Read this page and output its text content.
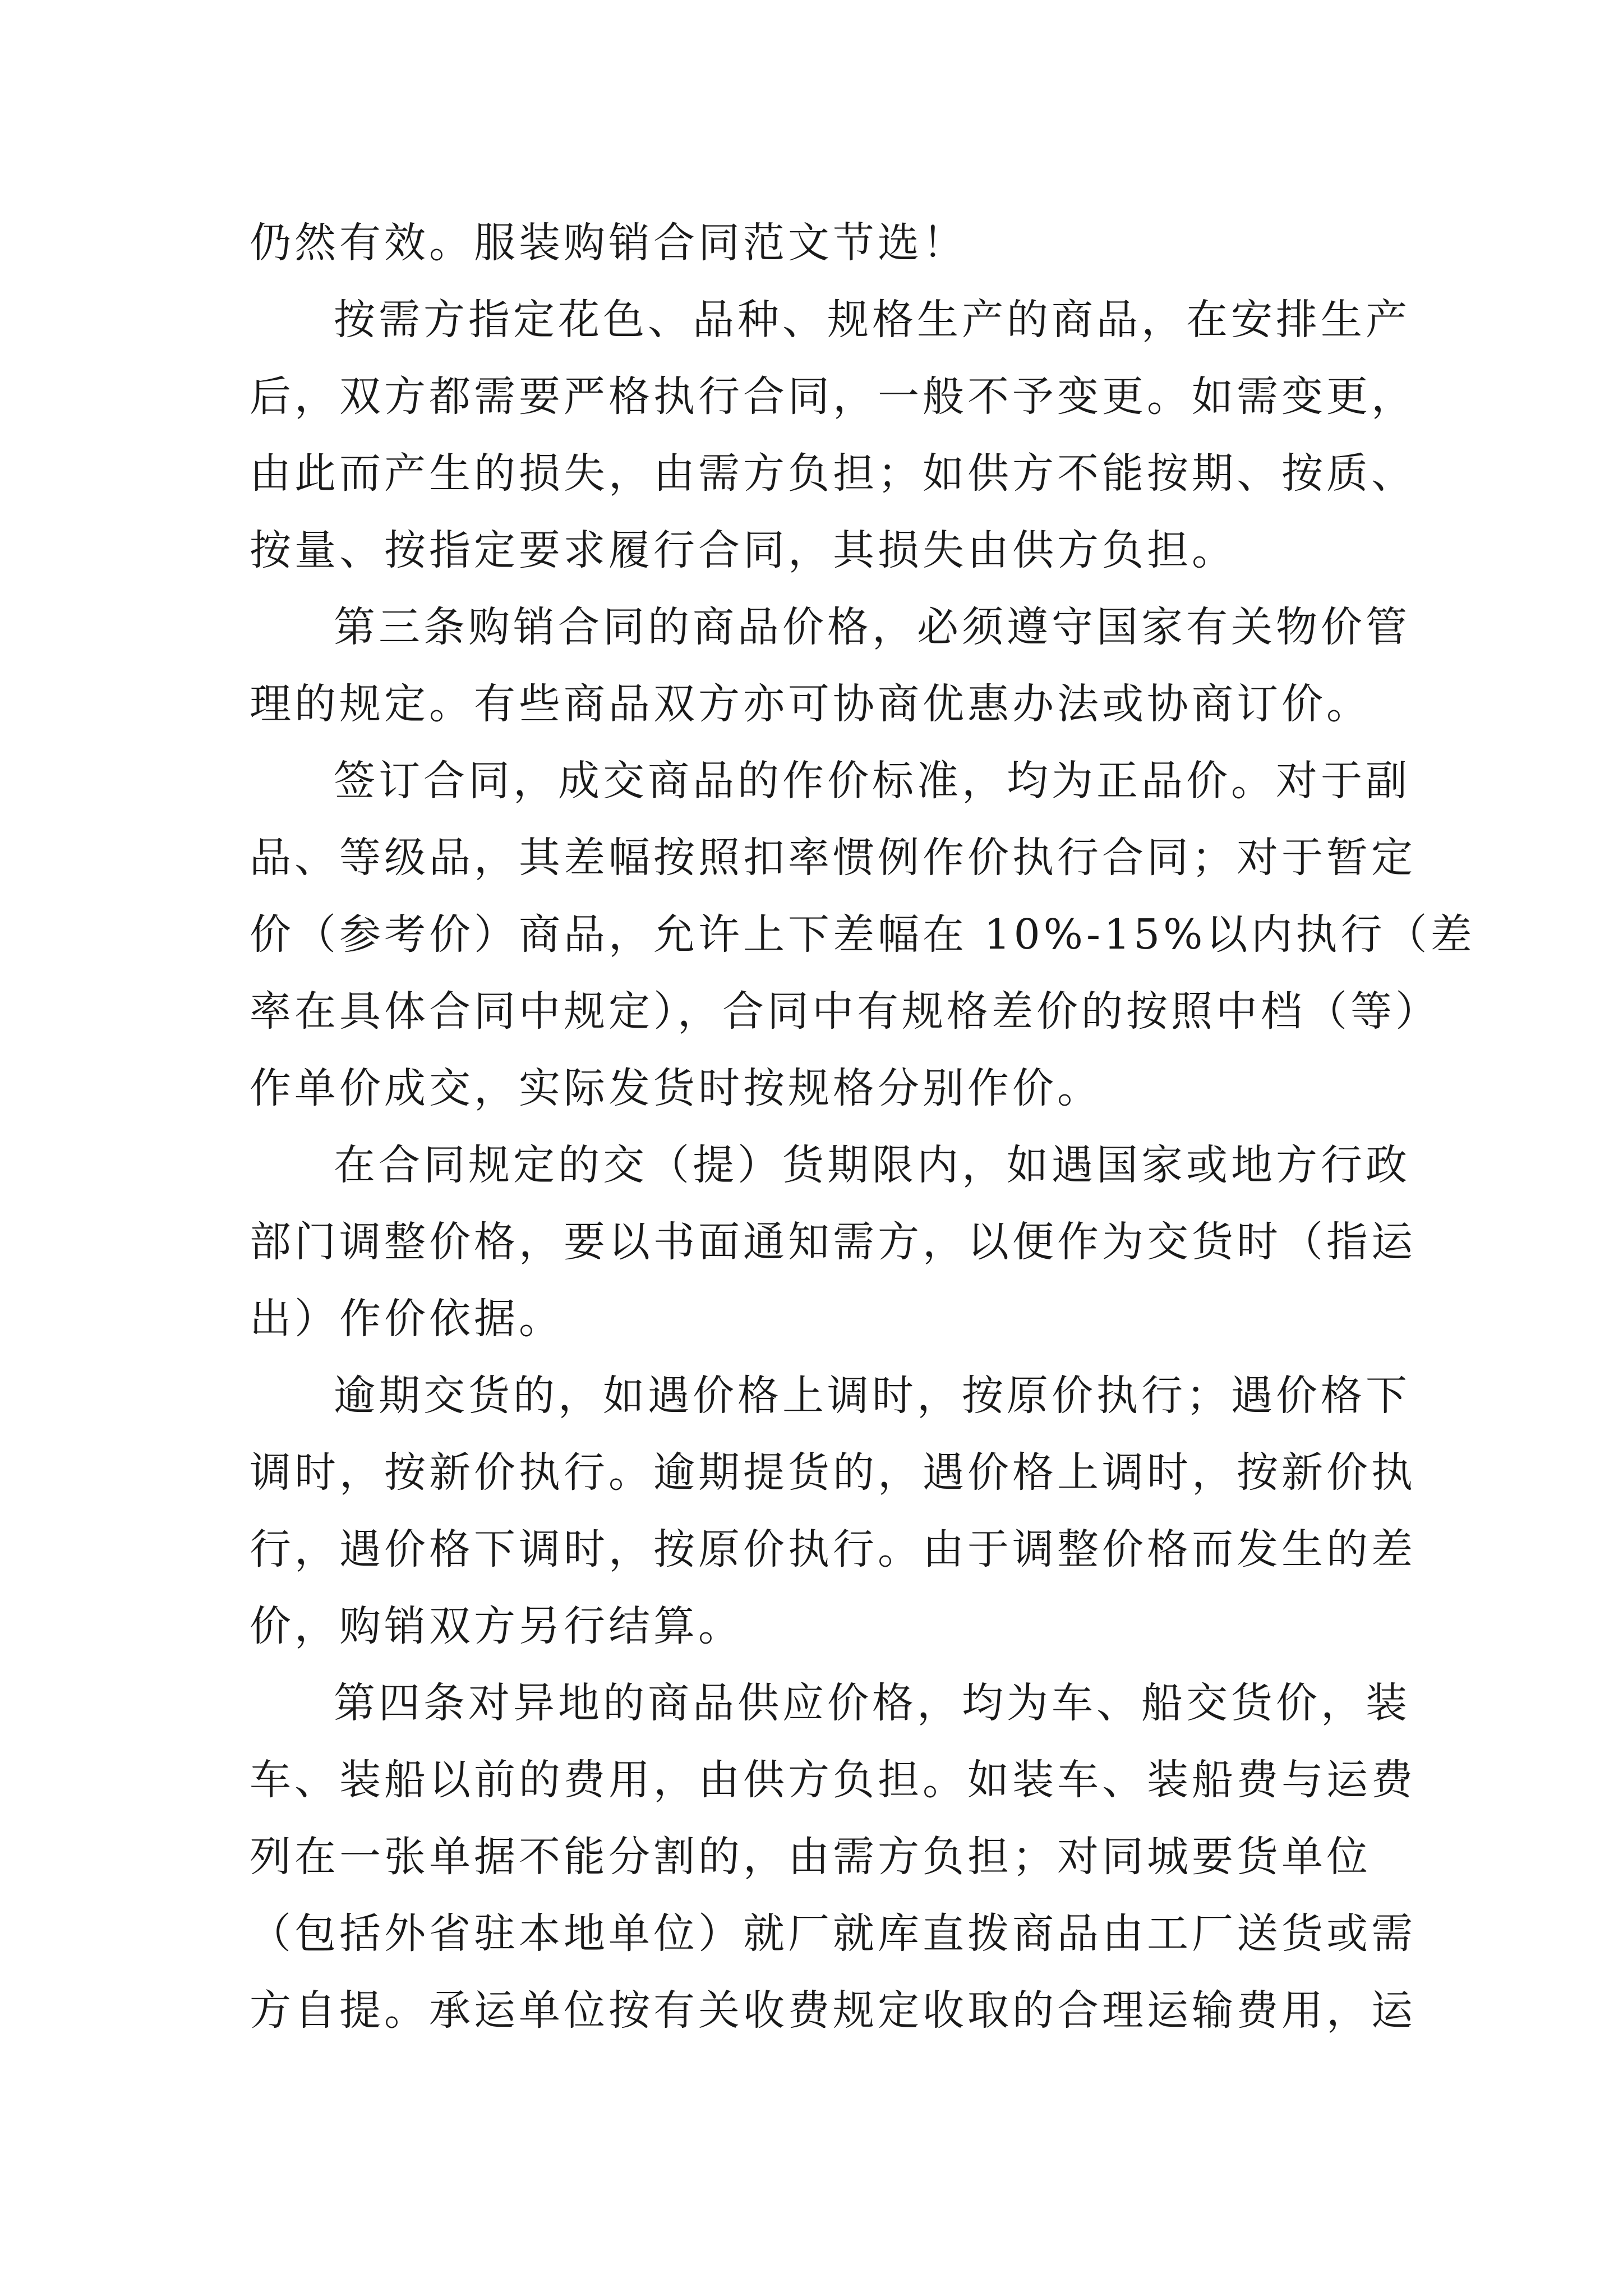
仍然有效。服装购销合同范文节选！
按需方指定花色、品种、规格生产的商品，在安排生产
后，双方都需要严格执行合同，一般不予变更。如需变更，
由此而产生的损失，由需方负担；如供方不能按期、按质、
按量、按指定要求履行合同，其损失由供方负担。
第三条购销合同的商品价格，必须遵守国家有关物价管
理的规定。有些商品双方亦可协商优惠办法或协商订价。
签订合同，成交商品的作价标准，均为正品价。对于副
品、等级品，其差幅按照扣率惯例作价执行合同；对于暂定
价（参考价）商品，允许上下差幅在 10%-15%以内执行（差
率在具体合同中规定），合同中有规格差价的按照中档（等）
作单价成交，实际发货时按规格分别作价。
在合同规定的交（提）货期限内，如遇国家或地方行政
部门调整价格，要以书面通知需方，以便作为交货时（指运
出）作价依据。
逾期交货的，如遇价格上调时，按原价执行；遇价格下
调时，按新价执行。逾期提货的，遇价格上调时，按新价执
行，遇价格下调时，按原价执行。由于调整价格而发生的差
价，购销双方另行结算。
第四条对异地的商品供应价格，均为车、船交货价，装
车、装船以前的费用，由供方负担。如装车、装船费与运费
列在一张单据不能分割的，由需方负担；对同城要货单位
（包括外省驻本地单位）就厂就库直拨商品由工厂送货或需
方自提。承运单位按有关收费规定收取的合理运输费用，运
